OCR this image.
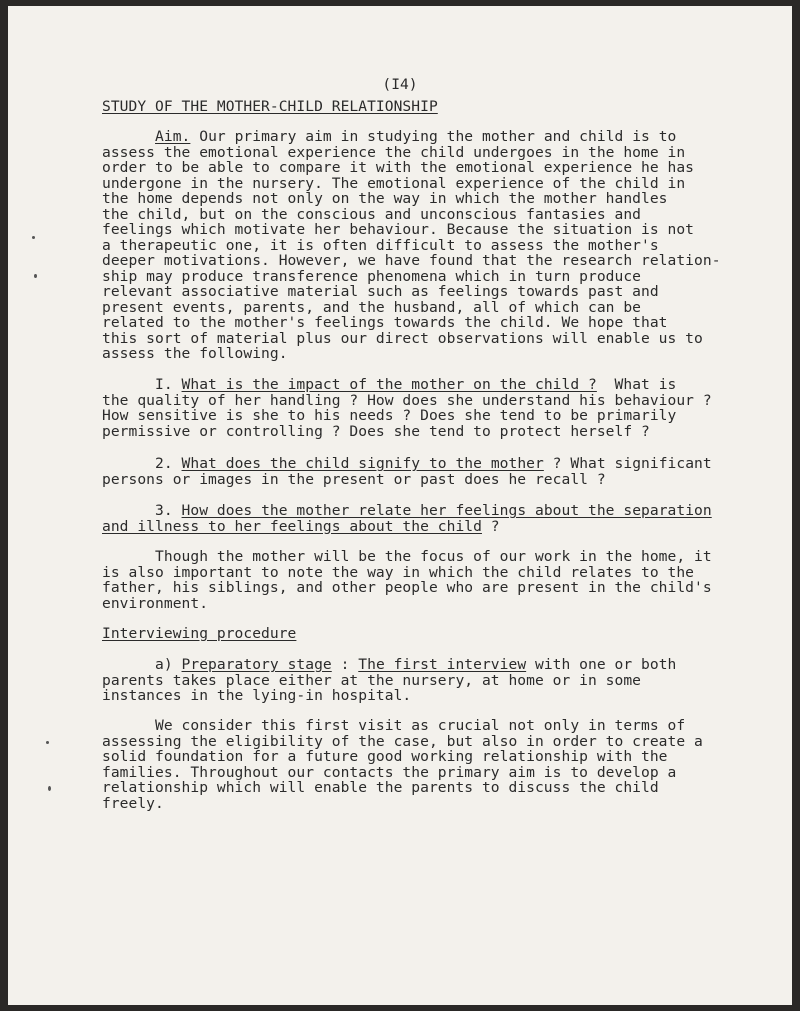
(I4)
STUDY OF THE MOTHER-CHILD RELATIONSHIP
Aim. Our primary aim in studying the mother and child is to
assess the emotional experience the child undergoes in the home in
order to be able to compare it with the emotional experience he has
undergone in the nursery. The emotional experience of the child in
the home depends not only on the way in which the mother handles
the child, but on the conscious and unconscious fantasies and
feelings which motivate her behaviour. Because the situation is not
a therapeutic one, it is often difficult to assess the mother's
deeper motivations. However, we have found that the research relation-
ship may produce transference phenomena which in turn produce
relevant associative material such as feelings towards past and
present events, parents, and the husband, all of which can be
related to the mother's feelings towards the child. We hope that
this sort of material plus our direct observations will enable us to
assess the following.
I. What is the impact of the mother on the child ?  What is
the quality of her handling ? How does she understand his behaviour ?
How sensitive is she to his needs ? Does she tend to be primarily
permissive or controlling ? Does she tend to protect herself ?
2. What does the child signify to the mother ? What significant
persons or images in the present or past does he recall ?
3. How does the mother relate her feelings about the separation
and illness to her feelings about the child ?
Though the mother will be the focus of our work in the home, it
is also important to note the way in which the child relates to the
father, his siblings, and other people who are present in the child's
environment.
Interviewing procedure
a) Preparatory stage : The first interview with one or both
parents takes place either at the nursery, at home or in some
instances in the lying-in hospital.
We consider this first visit as crucial not only in terms of
assessing the eligibility of the case, but also in order to create a
solid foundation for a future good working relationship with the
families. Throughout our contacts the primary aim is to develop a
relationship which will enable the parents to discuss the child
freely.
